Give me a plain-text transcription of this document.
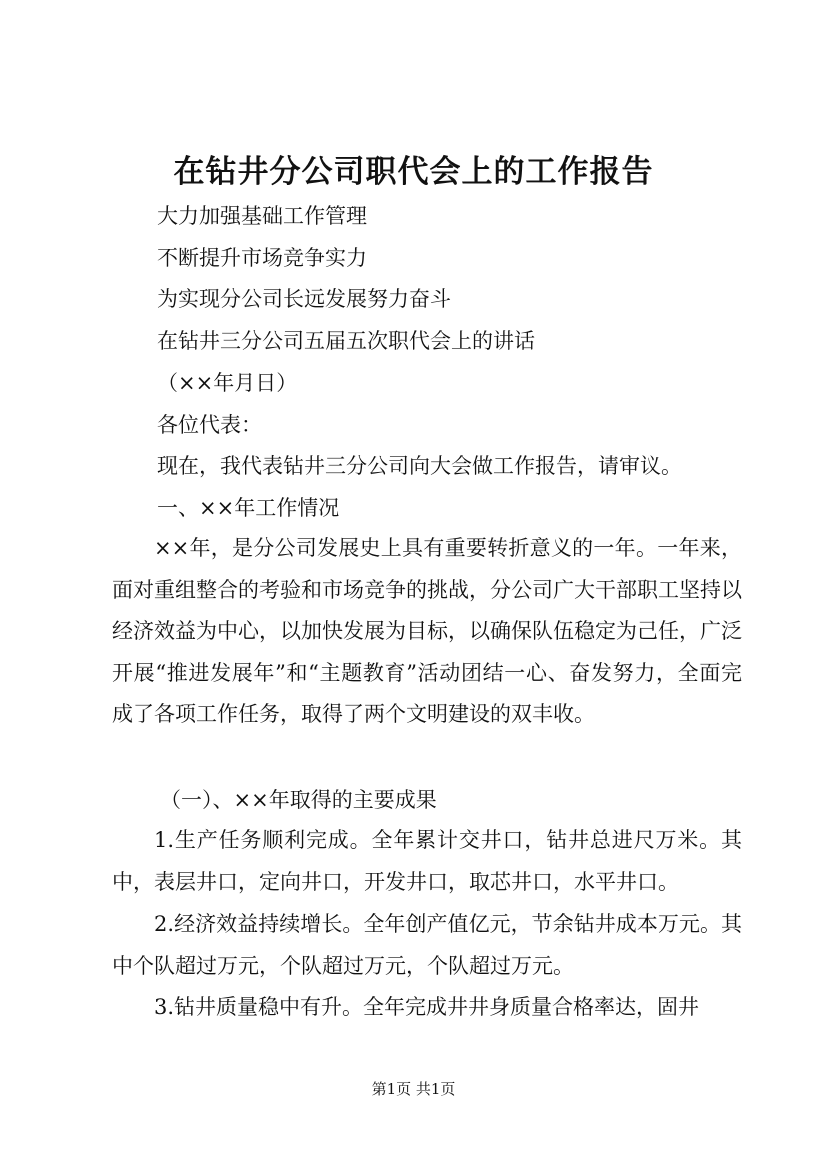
在钻井分公司职代会上的工作报告

大力加强基础工作管理

不断提升市场竞争实力

为实现分公司长远发展努力奋斗

在钻井三分公司五届五次职代会上的讲话

（××年月日）

各位代表：

现在，我代表钻井三分公司向大会做工作报告，请审议。

一、××年工作情况

××年，是分公司发展史上具有重要转折意义的一年。一年来，面对重组整合的考验和市场竞争的挑战，分公司广大干部职工坚持以经济效益为中心，以加快发展为目标，以确保队伍稳定为己任，广泛开展“推进发展年”和“主题教育”活动团结一心、奋发努力，全面完成了各项工作任务，取得了两个文明建设的双丰收。

（一）、××年取得的主要成果

1.生产任务顺利完成。全年累计交井口，钻井总进尺万米。其中，表层井口，定向井口，开发井口，取芯井口，水平井口。

2.经济效益持续增长。全年创产值亿元，节余钻井成本万元。其中个队超过万元，个队超过万元，个队超过万元。

3.钻井质量稳中有升。全年完成井井身质量合格率达，固井

第1页 共1页
